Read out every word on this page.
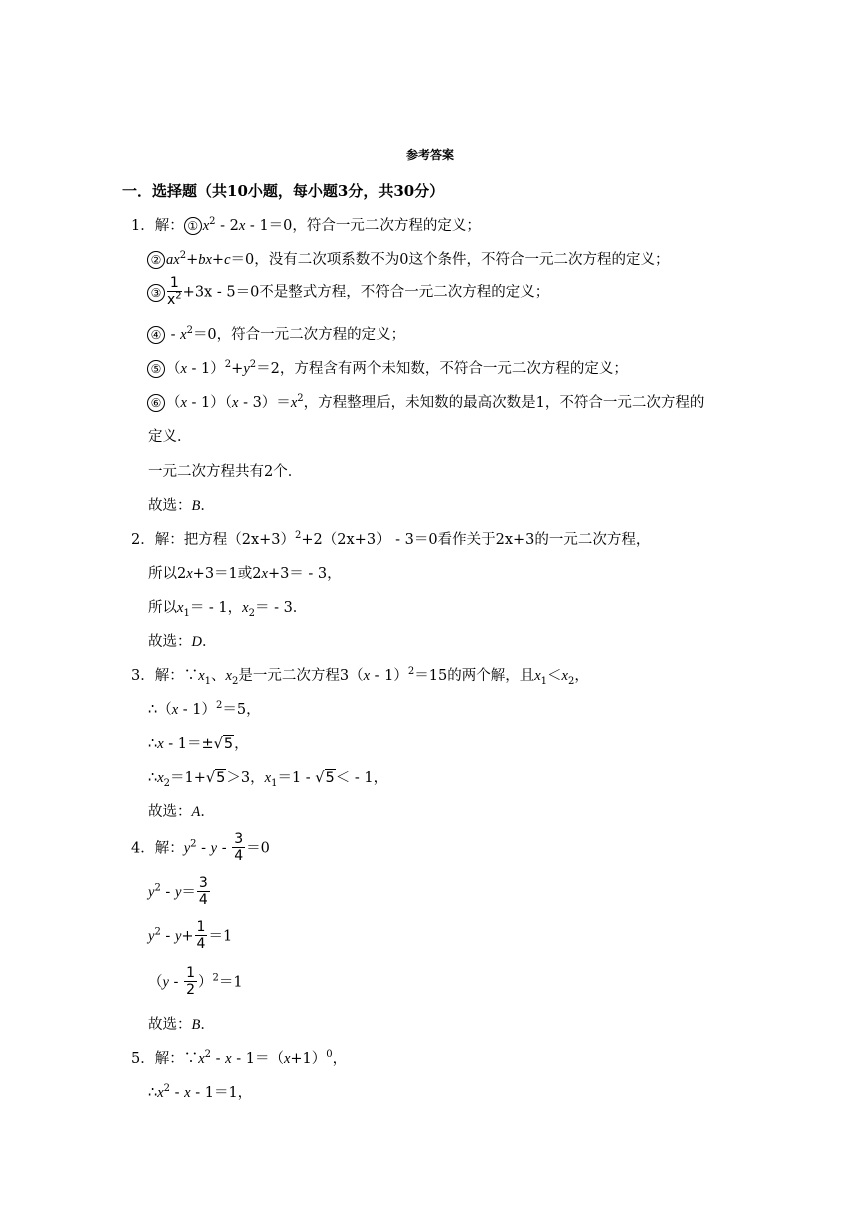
参考答案
一．选择题（共10小题，每小题3分，共30分）
1．解： ① $x^2 - 2x - 1=0$，符合一元二次方程的定义；
② $ax^2+bx+c=0$，没有二次项系数不为0这个条件，不符合一元二次方程的定义；
③ $\frac{1}{x^2} +3x - 5=0$不是整式方程，不符合一元二次方程的定义；
④ - $x^2=0$，符合一元二次方程的定义；
⑤ $(x - 1)^2+y^2=2$，方程含有两个未知数，不符合一元二次方程的定义；
⑥ $(x - 1)(x - 3)=x^2$，方程整理后，未知数的最高次数是1，不符合一元二次方程的
定义．
一元二次方程共有2个．
故选：B．
2．解：把方程$(2x+3)^2+2(2x+3) - 3=0$看作关于2x+3的一元二次方程，
所以2x+3＝1或2x+3＝ - 3，
所以$x_1= - 1$，$x_2= - 3$．
故选：D．
3．解：$\because x_1$、$x_2$是一元二次方程3（x - 1）$^2$＝15的两个解，且$x_1<x_2$，
∴（x - 1）$^2$＝5，
∴x - 1＝±√5，
$\therefore x_2=1+√5>3$，$x_1=1 - √5< - 1$，
故选：A．
4．解：$y^2 - y - \frac{3}{4} =0$
$y^2 - y= \frac{3}{4}$
$y^2 - y+ \frac{1}{4} =1$
$(y - \frac{1}{2} )^2=1$
故选：B．
5．解：$\because x^2 - x - 1=(x+1)^0$，
$\therefore x^2 - x - 1=1$，
